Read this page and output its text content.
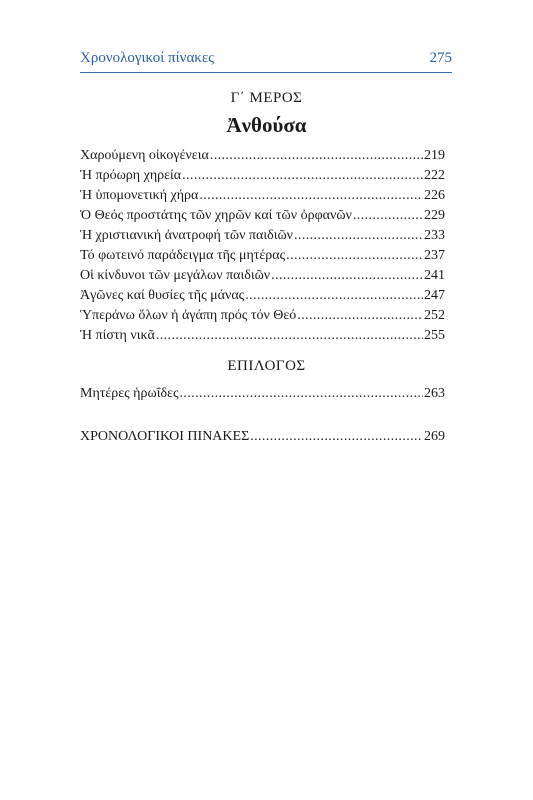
Χρονολογικοί πίνακες	275
Γ΄ ΜΕΡΟΣ
Ἀνθούσα
Χαρούμενη οἰκογένεια .....	219
Ἡ πρόωρη χηρεία .....	222
Ἡ ὑπομονετική χήρα .....	226
Ὁ Θεός προστάτης τῶν χηρῶν καί τῶν ὀρφανῶν .....	229
Ἡ χριστιανική ἀνατροφή τῶν παιδιῶν .....	233
Τό φωτεινό παράδειγμα τῆς μητέρας .....	237
Οἱ κίνδυνοι τῶν μεγάλων παιδιῶν .....	241
Ἀγῶνες καί θυσίες τῆς μάνας .....	247
Ὑπεράνω ὅλων ἡ ἀγάπη πρός τόν Θεό .....	252
Ἡ πίστη νικᾶ .....	255
ΕΠΙΛΟΓΟΣ
Μητέρες ἡρωΐδες .....	263
ΧΡΟΝΟΛΟΓΙΚΟΙ ΠΙΝΑΚΕΣ .....	269
